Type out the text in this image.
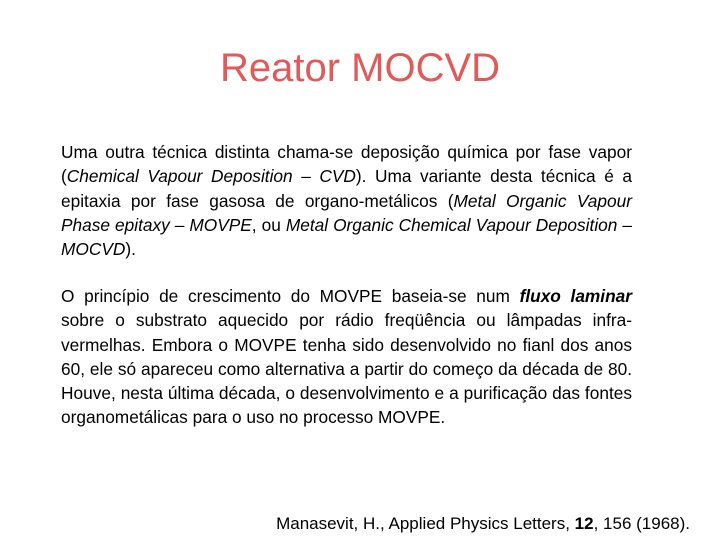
Reator MOCVD

Uma outra técnica distinta chama-se deposição química por fase vapor (Chemical Vapour Deposition – CVD). Uma variante desta técnica é a epitaxia por fase gasosa de organo-metálicos (Metal Organic Vapour Phase epitaxy – MOVPE, ou Metal Organic Chemical Vapour Deposition – MOCVD).

O princípio de crescimento do MOVPE baseia-se num fluxo laminar sobre o substrato aquecido por rádio freqüência ou lâmpadas infra-vermelhas. Embora o MOVPE tenha sido desenvolvido no fianl dos anos 60, ele só apareceu como alternativa a partir do começo da década de 80. Houve, nesta última década, o desenvolvimento e a purificação das fontes organometálicas para o uso no processo MOVPE.

Manasevit, H., Applied Physics Letters, 12, 156 (1968).
